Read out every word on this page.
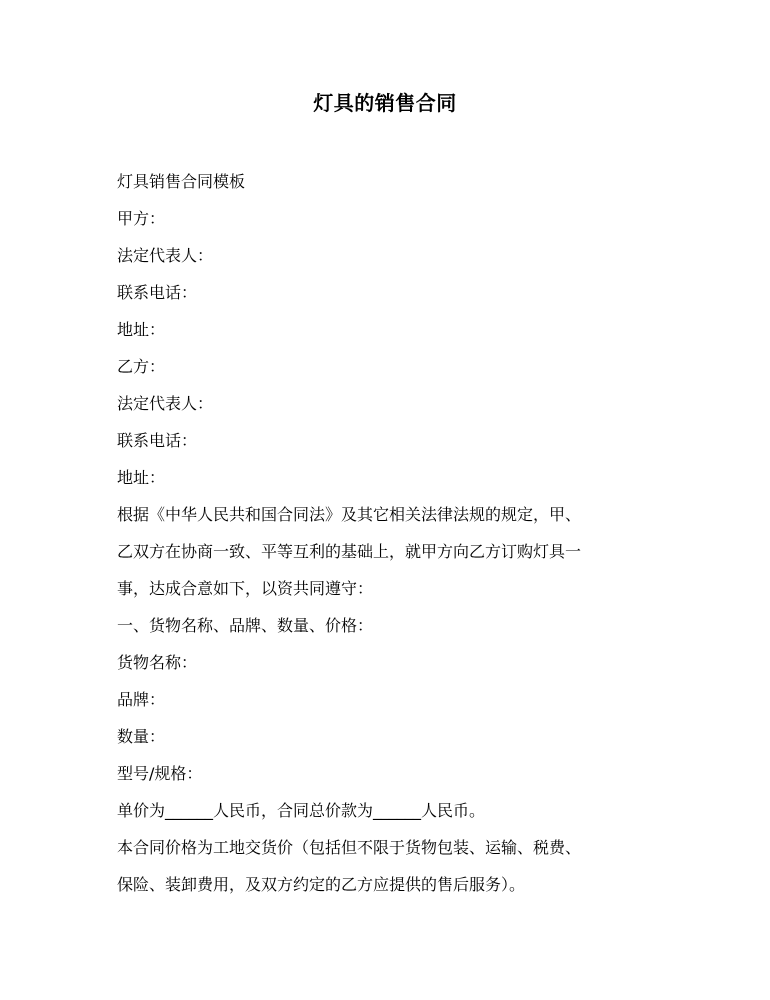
灯具的销售合同
灯具销售合同模板
甲方：
法定代表人：
联系电话：
地址：
乙方：
法定代表人：
联系电话：
地址：
根据《中华人民共和国合同法》及其它相关法律法规的规定，甲、
乙双方在协商一致、平等互利的基础上，就甲方向乙方订购灯具一
事，达成合意如下，以资共同遵守：
一、货物名称、品牌、数量、价格：
货物名称：
品牌：
数量：
型号/规格：
单价为______人民币，合同总价款为______人民币。
本合同价格为工地交货价（包括但不限于货物包装、运输、税费、
保险、装卸费用，及双方约定的乙方应提供的售后服务）。
